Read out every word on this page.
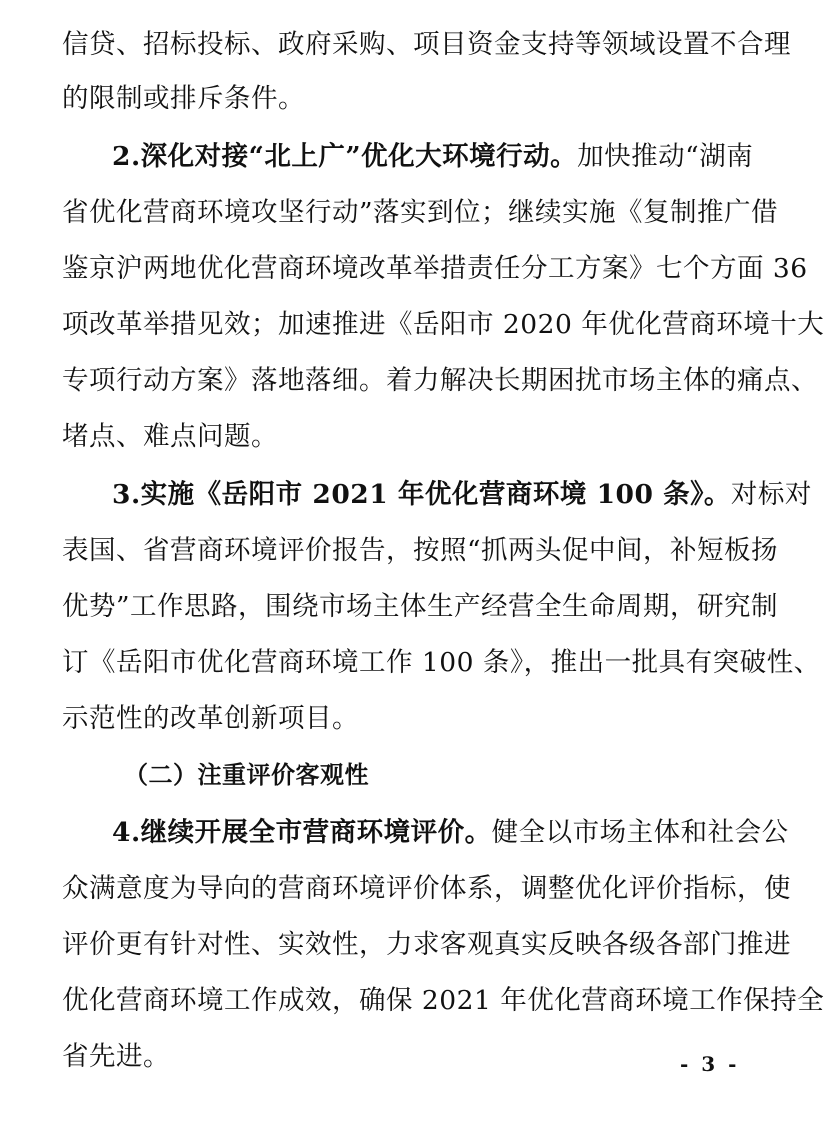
信贷、招标投标、政府采购、项目资金支持等领域设置不合理
的限制或排斥条件。
2.深化对接“北上广”优化大环境行动。加快推动“湖南
省优化营商环境攻坚行动”落实到位；继续实施《复制推广借
鉴京沪两地优化营商环境改革举措责任分工方案》七个方面 36
项改革举措见效；加速推进《岳阳市 2020 年优化营商环境十大
专项行动方案》落地落细。着力解决长期困扰市场主体的痛点、
堵点、难点问题。
3.实施《岳阳市 2021 年优化营商环境 100 条》。对标对
表国、省营商环境评价报告，按照“抓两头促中间，补短板扬
优势”工作思路，围绕市场主体生产经营全生命周期，研究制
订《岳阳市优化营商环境工作 100 条》，推出一批具有突破性、
示范性的改革创新项目。
（二）注重评价客观性
4.继续开展全市营商环境评价。健全以市场主体和社会公
众满意度为导向的营商环境评价体系，调整优化评价指标，使
评价更有针对性、实效性，力求客观真实反映各级各部门推进
优化营商环境工作成效，确保 2021 年优化营商环境工作保持全
省先进。	- 3 -
